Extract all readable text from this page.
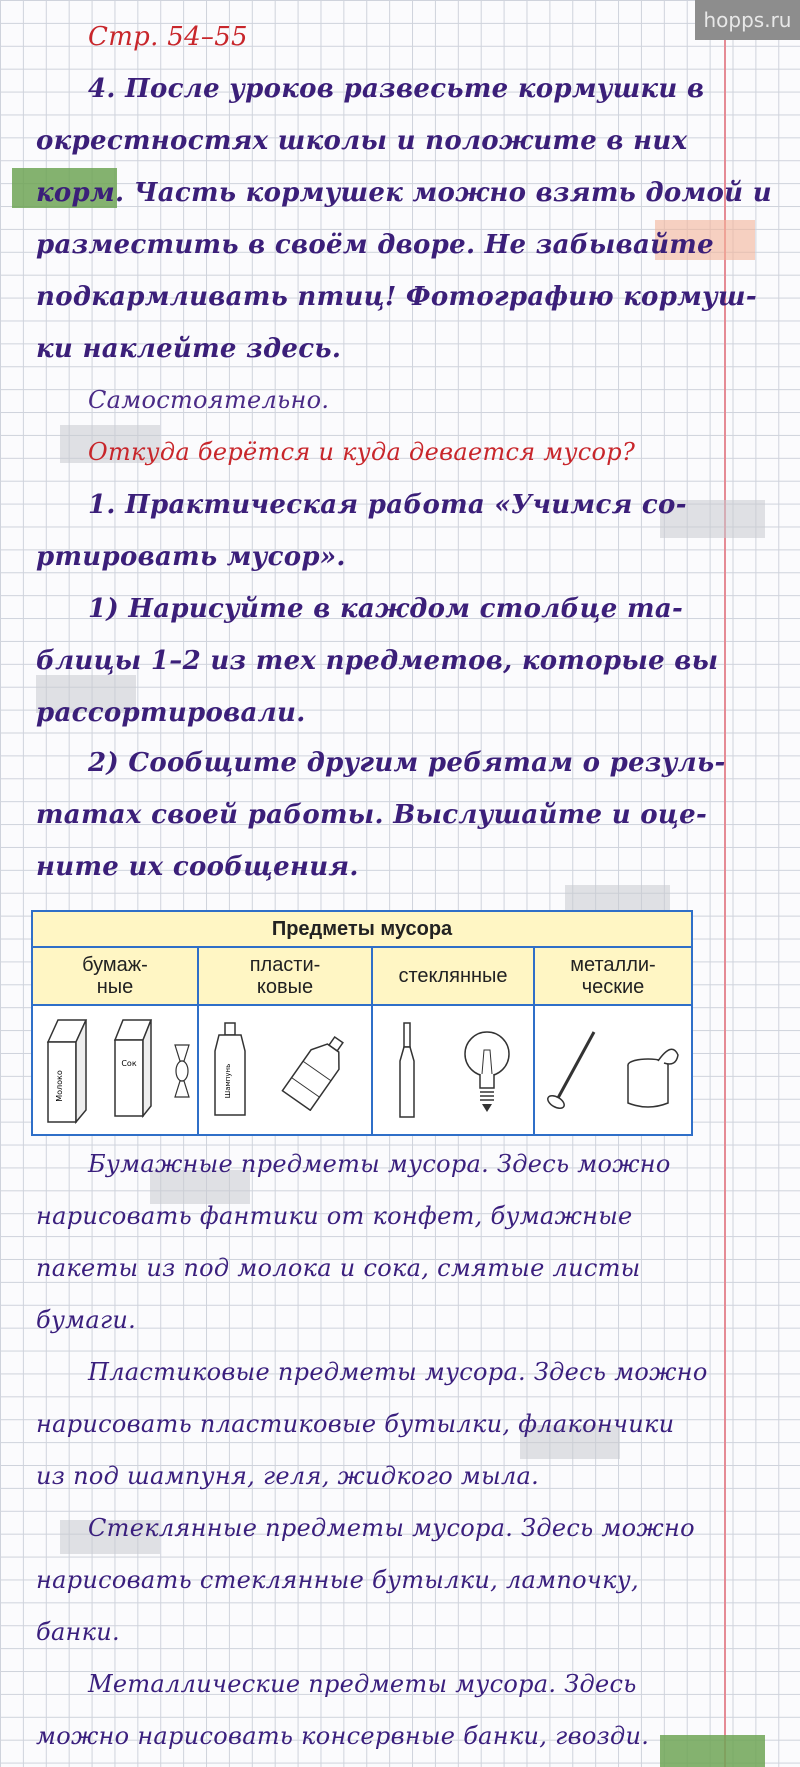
hopps.ru
Стр. 54–55
4. После уроков развесьте кормушки в
окрестностях школы и положите в них
корм. Часть кормушек можно взять домой и
разместить в своём дворе. Не забывайте
подкармливать птиц! Фотографию кормуш-
ки наклейте здесь.
Самостоятельно.
Откуда берётся и куда девается мусор?
1. Практическая работа «Учимся со-
ртировать мусор».
1) Нарисуйте в каждом столбце та-
блицы 1–2 из тех предметов, которые вы
рассортировали.
2) Сообщите другим ребятам о резуль-
татах своей работы. Выслушайте и оце-
ните их сообщения.
Предметы мусора
бумаж-
ные
пласти-
ковые	стеклянные	металли-
ческие
Молоко
Сок
Шампунь
Бумажные предметы мусора. Здесь можно
нарисовать фантики от конфет, бумажные
пакеты из под молока и сока, смятые листы
бумаги.
Пластиковые предметы мусора. Здесь можно
нарисовать пластиковые бутылки, флакончики
из под шампуня, геля, жидкого мыла.
Стеклянные предметы мусора. Здесь можно
нарисовать стеклянные бутылки, лампочку,
банки.
Металлические предметы мусора. Здесь
можно нарисовать консервные банки, гвозди.
